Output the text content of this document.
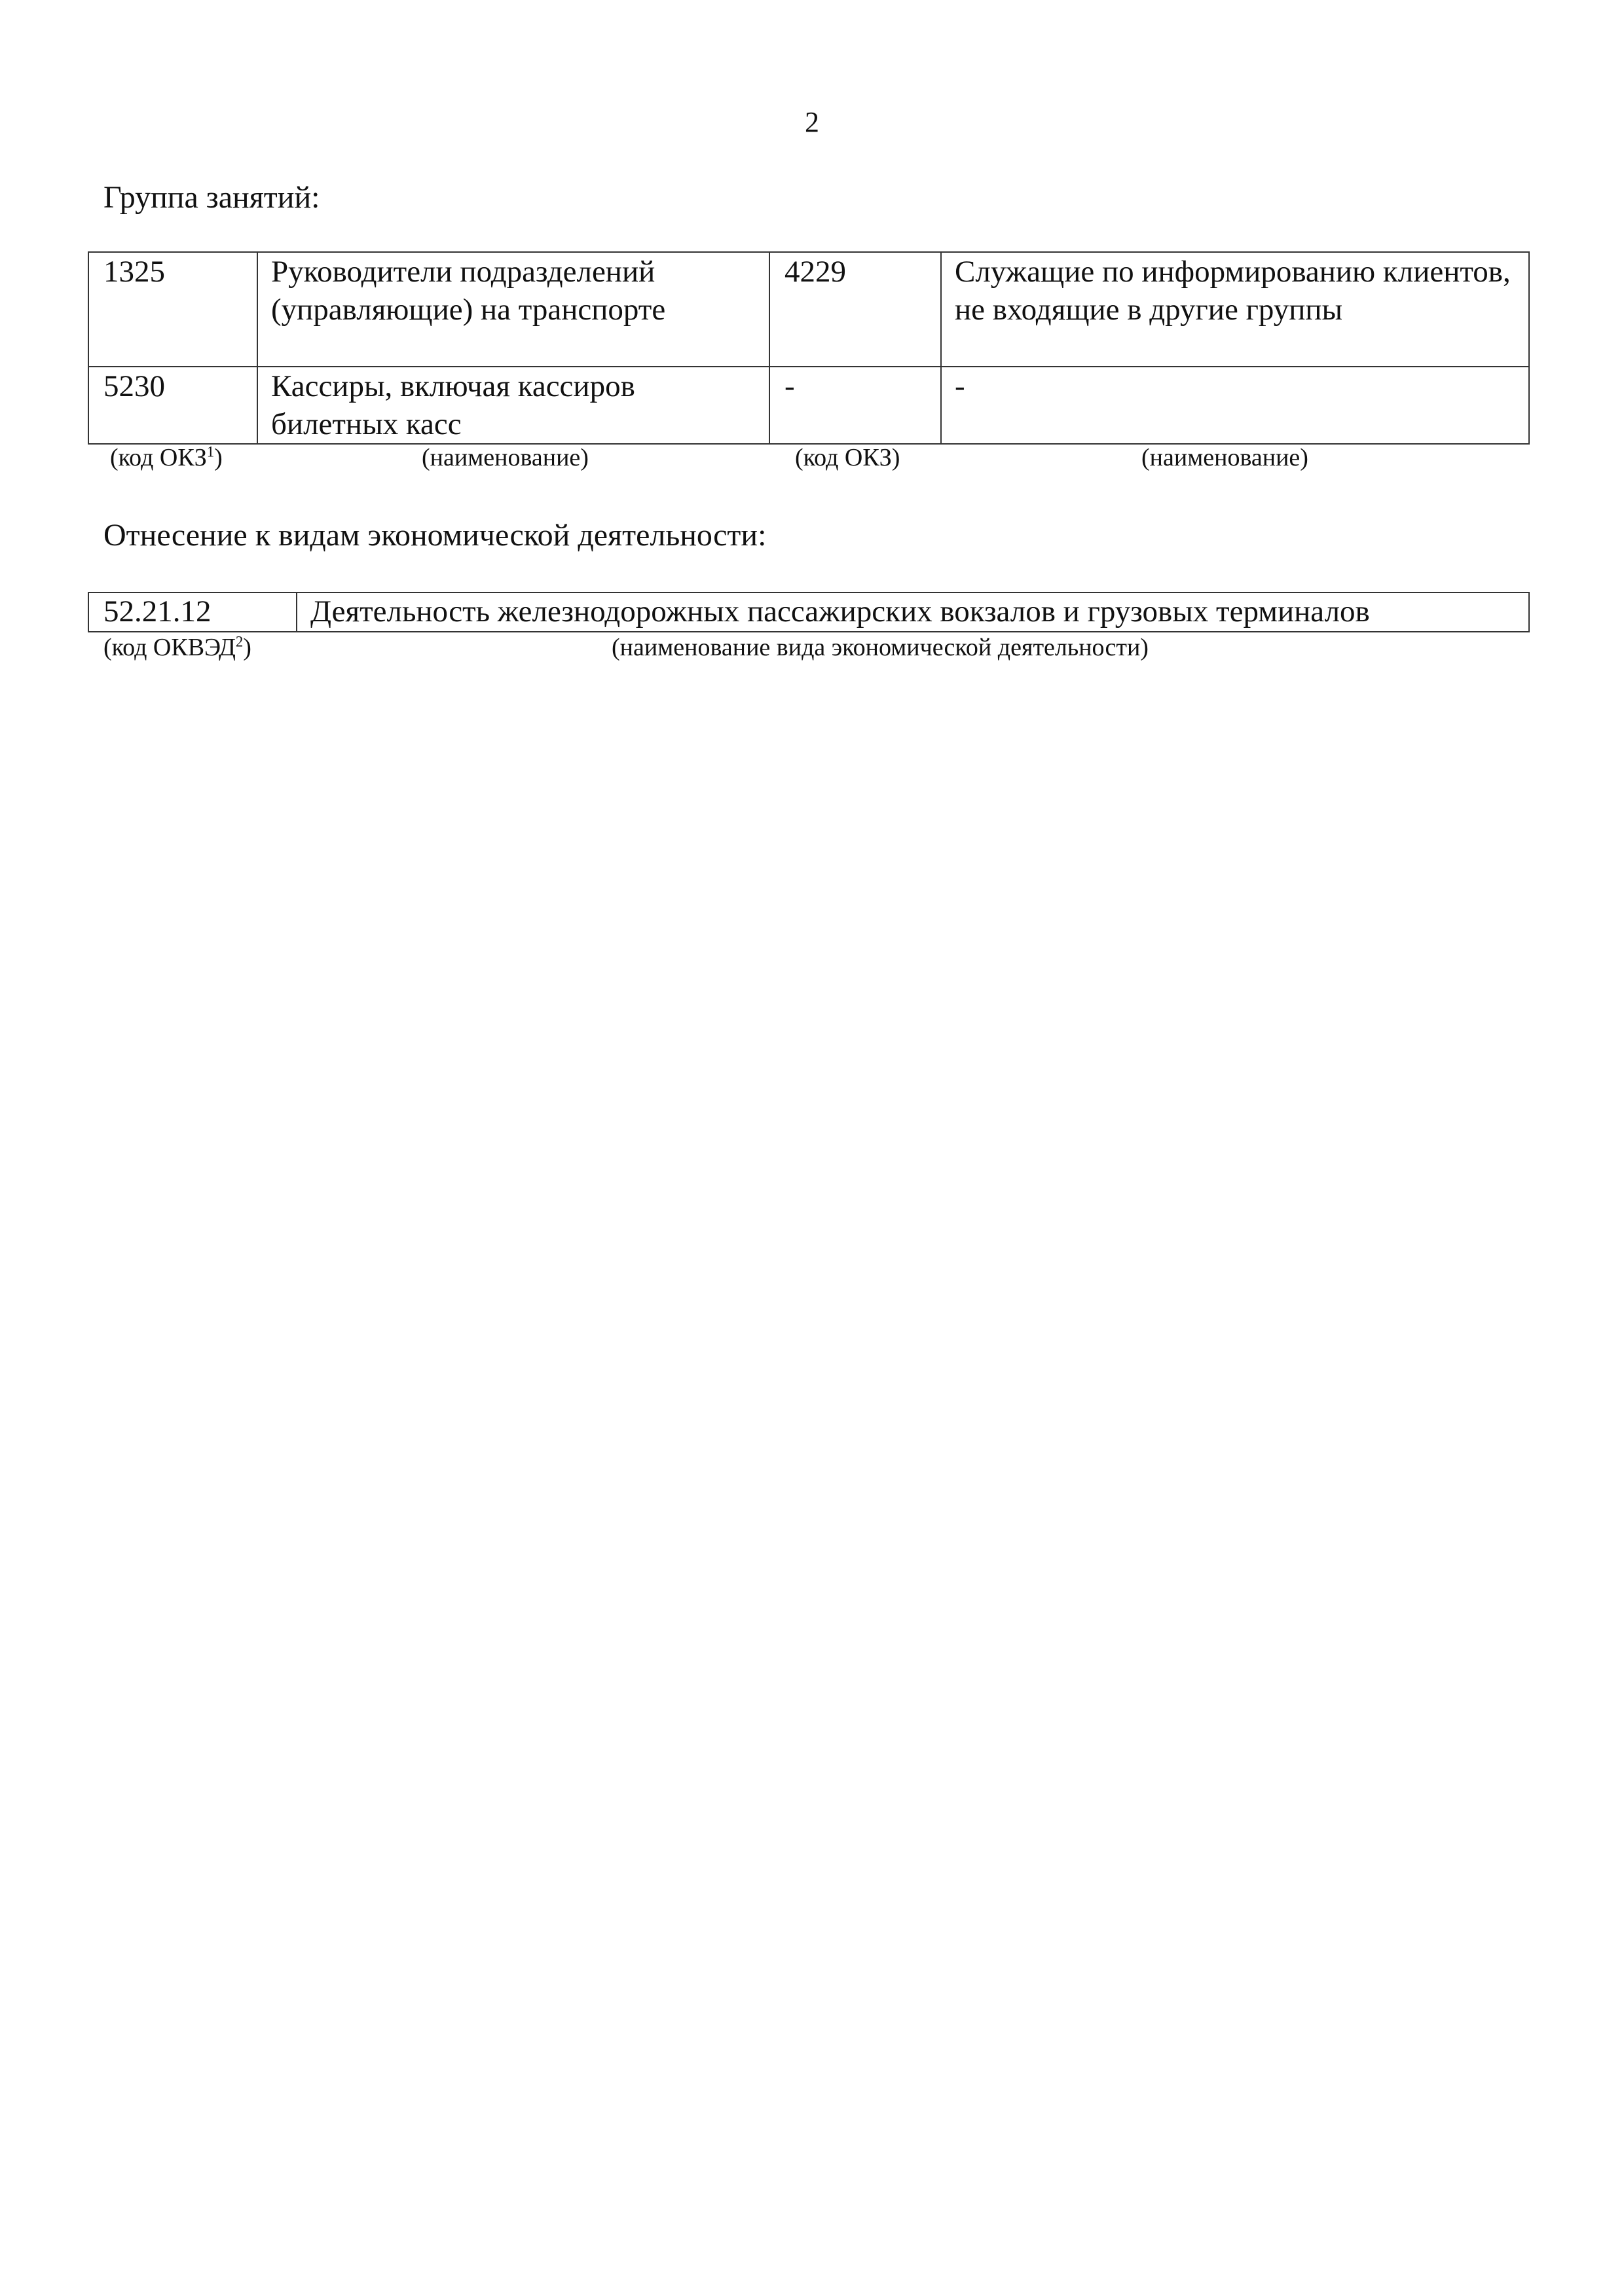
2
Группа занятий:
1325	Руководители подразделений (управляющие) на транспорте	4229	Служащие по информированию клиентов, не входящие в другие группы
5230	Кассиры, включая кассиров билетных касс	-	-
(код ОКЗ$^1$)	(наименование)	(код ОКЗ)	(наименование)
Отнесение к видам экономической деятельности:
52.21.12	Деятельность железнодорожных пассажирских вокзалов и грузовых терминалов
(код ОКВЭД$^2$)	(наименование вида экономической деятельности)
